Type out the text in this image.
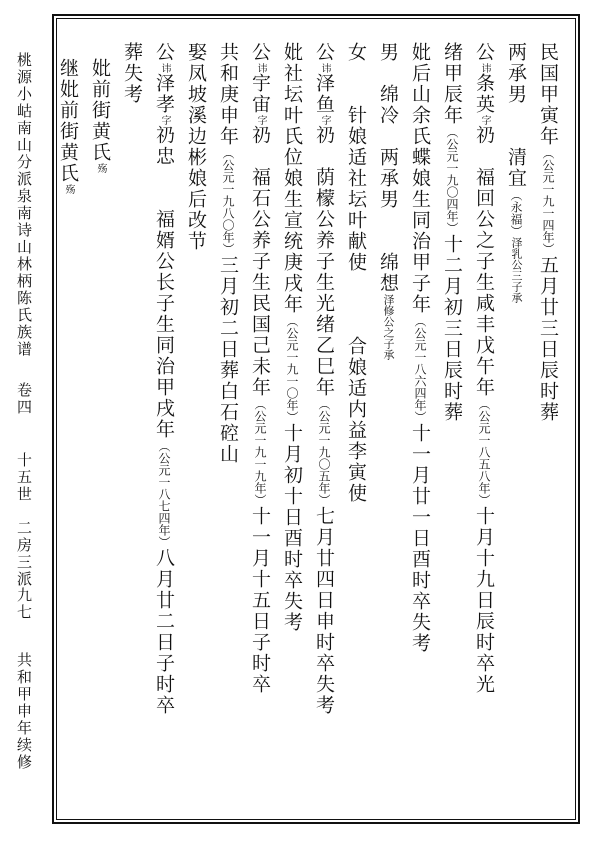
桃源小岵南山分派泉南诗山林柄陈氏族谱
卷四
十五世　二房三派
九七
共和甲申年续修
民国甲寅年（公元一九一四年）五月廿三日辰时葬
两承男　　清宜（永福）泽乳公三子承
公讳条英字礽　福回公之子生咸丰戊午年（公元一八五八年）十月十九日辰时卒光
绪甲辰年（公元一九〇四年）十二月初三日辰时葬
妣后山余氏蝶娘生同治甲子年（公元一八六四年）十一月廿一日酉时卒失考
男　绵冷　两承男　　绵想泽修公之子承
女　　针娘适社坛叶献使　　　合娘适内益李寅使
公讳泽鱼字礽　荫檬公养子生光绪乙巳年（公元一九〇五年）七月廿四日申时卒失考
妣社坛叶氏位娘生宣统庚戌年（公元一九一〇年）十月初十日酉时卒失考
公讳宇宙字礽　福石公养子生民国己未年（公元一九一九年）十一月十五日子时卒
共和庚申年（公元一九八〇年）三月初二日葬白石硿山
娶凤坡溪边彬娘后改节
公讳泽孝字礽忠　　福婿公长子生同治甲戌年（公元一八七四年）八月廿二日子时卒
葬失考
妣前街黄氏殇
继妣前街黄氏殇
